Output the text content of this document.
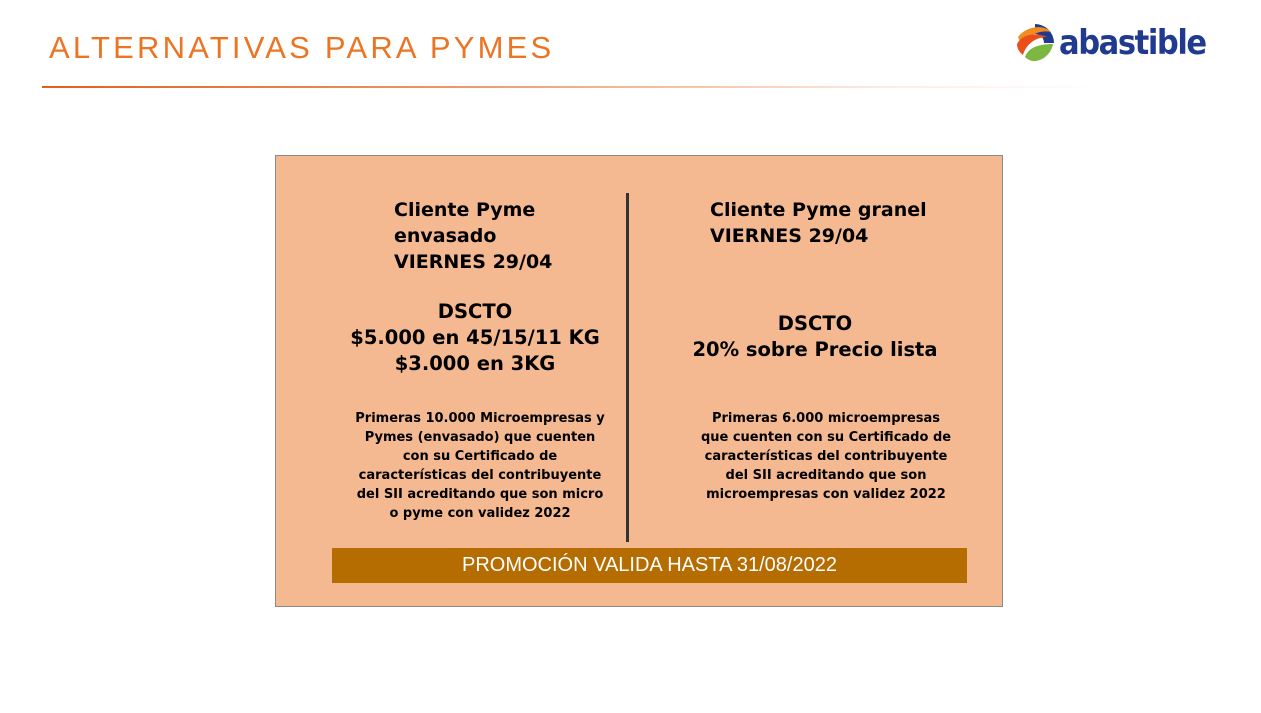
ALTERNATIVAS PARA PYMES	abastible
Cliente Pyme
envasado
VIERNES 29/04
DSCTO
$5.000 en 45/15/11 KG
$3.000 en 3KG
Primeras 10.000 Microempresas y
Pymes (envasado) que cuenten
con su Certificado de
características del contribuyente
del SII acreditando que son micro
o pyme con validez 2022
Cliente Pyme granel
VIERNES 29/04
DSCTO
20% sobre Precio lista
Primeras 6.000 microempresas
que cuenten con su Certificado de
características del contribuyente
del SII acreditando que son
microempresas con validez 2022
PROMOCIÓN VALIDA HASTA 31/08/2022
